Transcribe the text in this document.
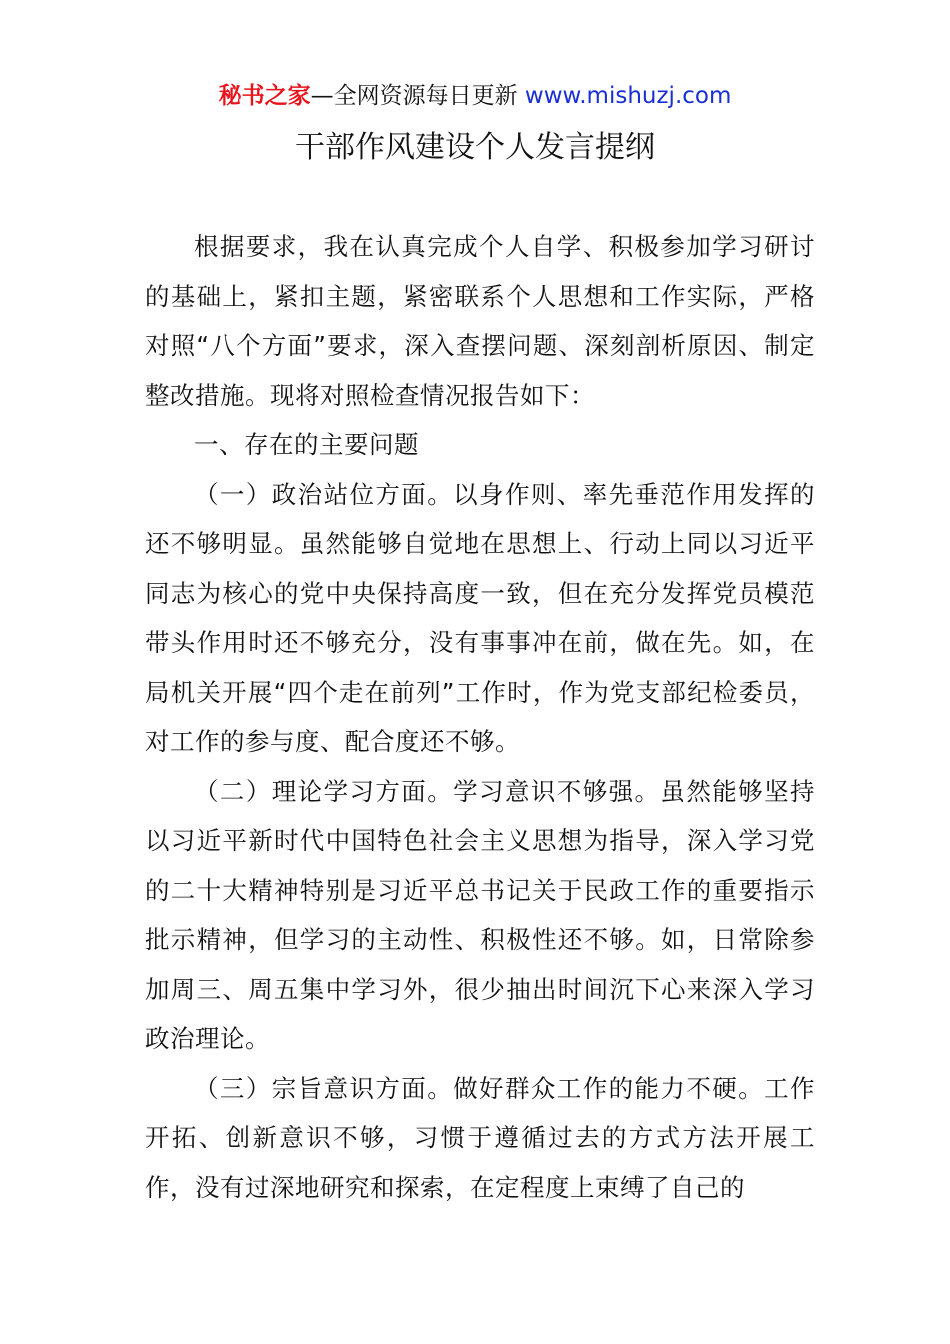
秘书之家—全网资源每日更新 www.mishuzj.com
干部作风建设个人发言提纲

根据要求，我在认真完成个人自学、积极参加学习研讨的基础上，紧扣主题，紧密联系个人思想和工作实际，严格对照“八个方面”要求，深入查摆问题、深刻剖析原因、制定整改措施。现将对照检查情况报告如下：

一、存在的主要问题

（一）政治站位方面。以身作则、率先垂范作用发挥的还不够明显。虽然能够自觉地在思想上、行动上同以习近平同志为核心的党中央保持高度一致，但在充分发挥党员模范带头作用时还不够充分，没有事事冲在前，做在先。如，在局机关开展“四个走在前列”工作时，作为党支部纪检委员，对工作的参与度、配合度还不够。

（二）理论学习方面。学习意识不够强。虽然能够坚持以习近平新时代中国特色社会主义思想为指导，深入学习党的二十大精神特别是习近平总书记关于民政工作的重要指示批示精神，但学习的主动性、积极性还不够。如，日常除参加周三、周五集中学习外，很少抽出时间沉下心来深入学习政治理论。

（三）宗旨意识方面。做好群众工作的能力不硬。工作开拓、创新意识不够，习惯于遵循过去的方式方法开展工作，没有过深地研究和探索，在定程度上束缚了自己的
